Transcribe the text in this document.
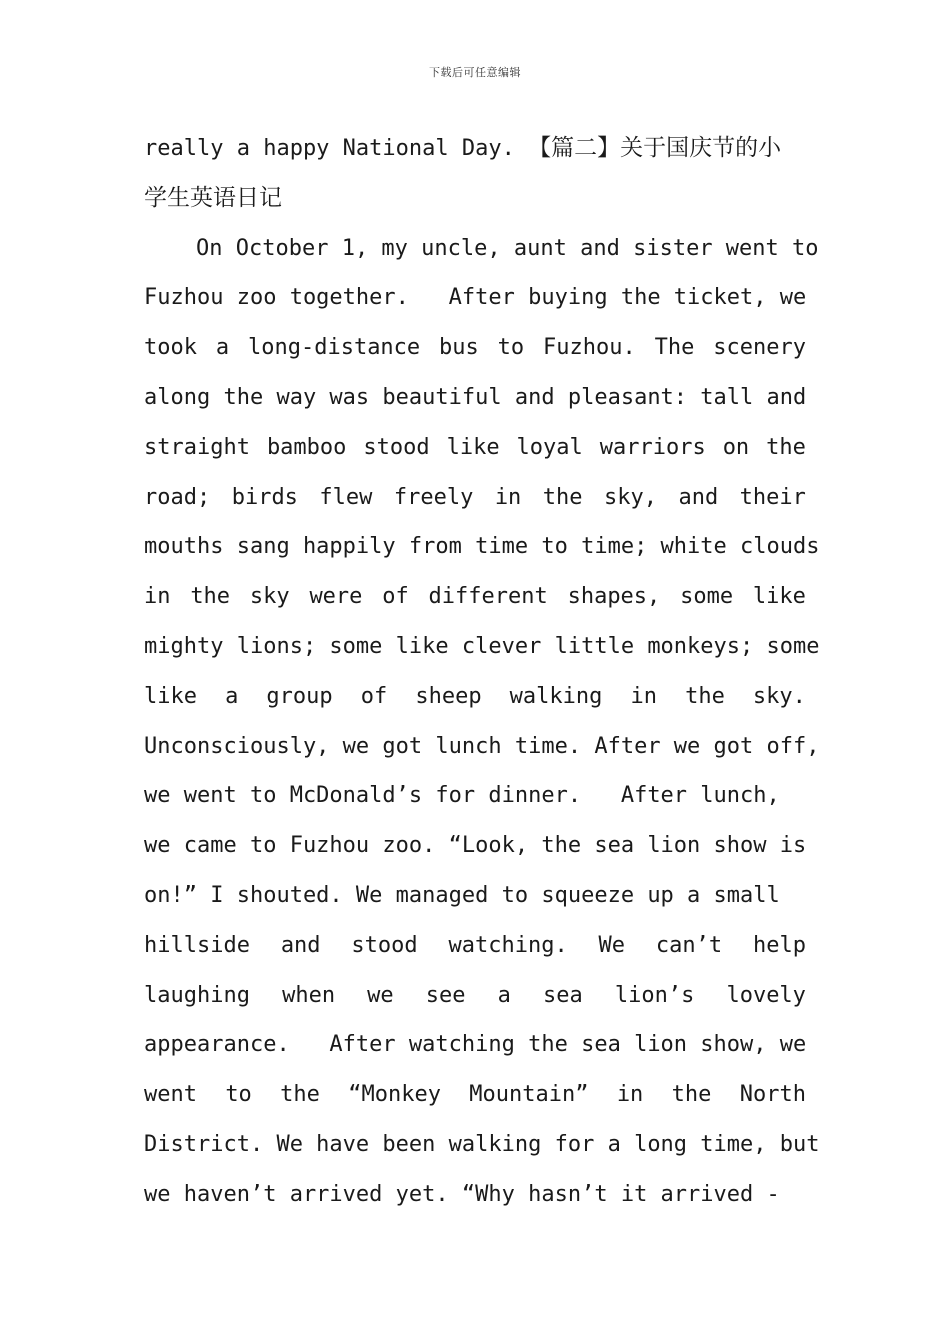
下载后可任意编辑
really a happy National Day. 【篇二】关于国庆节的小
学生英语日记
On October 1, my uncle, aunt and sister went to
Fuzhou zoo together.   After buying the ticket, we
took a long-distance bus to Fuzhou. The scenery
along the way was beautiful and pleasant: tall and
straight bamboo stood like loyal warriors on the
road; birds flew freely in the sky, and their
mouths sang happily from time to time; white clouds
in the sky were of different shapes, some like
mighty lions; some like clever little monkeys; some
like a group of sheep walking in the sky.
Unconsciously, we got lunch time. After we got off,
we went to McDonald’s for dinner.   After lunch,
we came to Fuzhou zoo. “Look, the sea lion show is
on!” I shouted. We managed to squeeze up a small
hillside and stood watching. We can’t help
laughing when we see a sea lion’s lovely
appearance.   After watching the sea lion show, we
went to the “Monkey Mountain” in the North
District. We have been walking for a long time, but
we haven’t arrived yet. “Why hasn’t it arrived -
